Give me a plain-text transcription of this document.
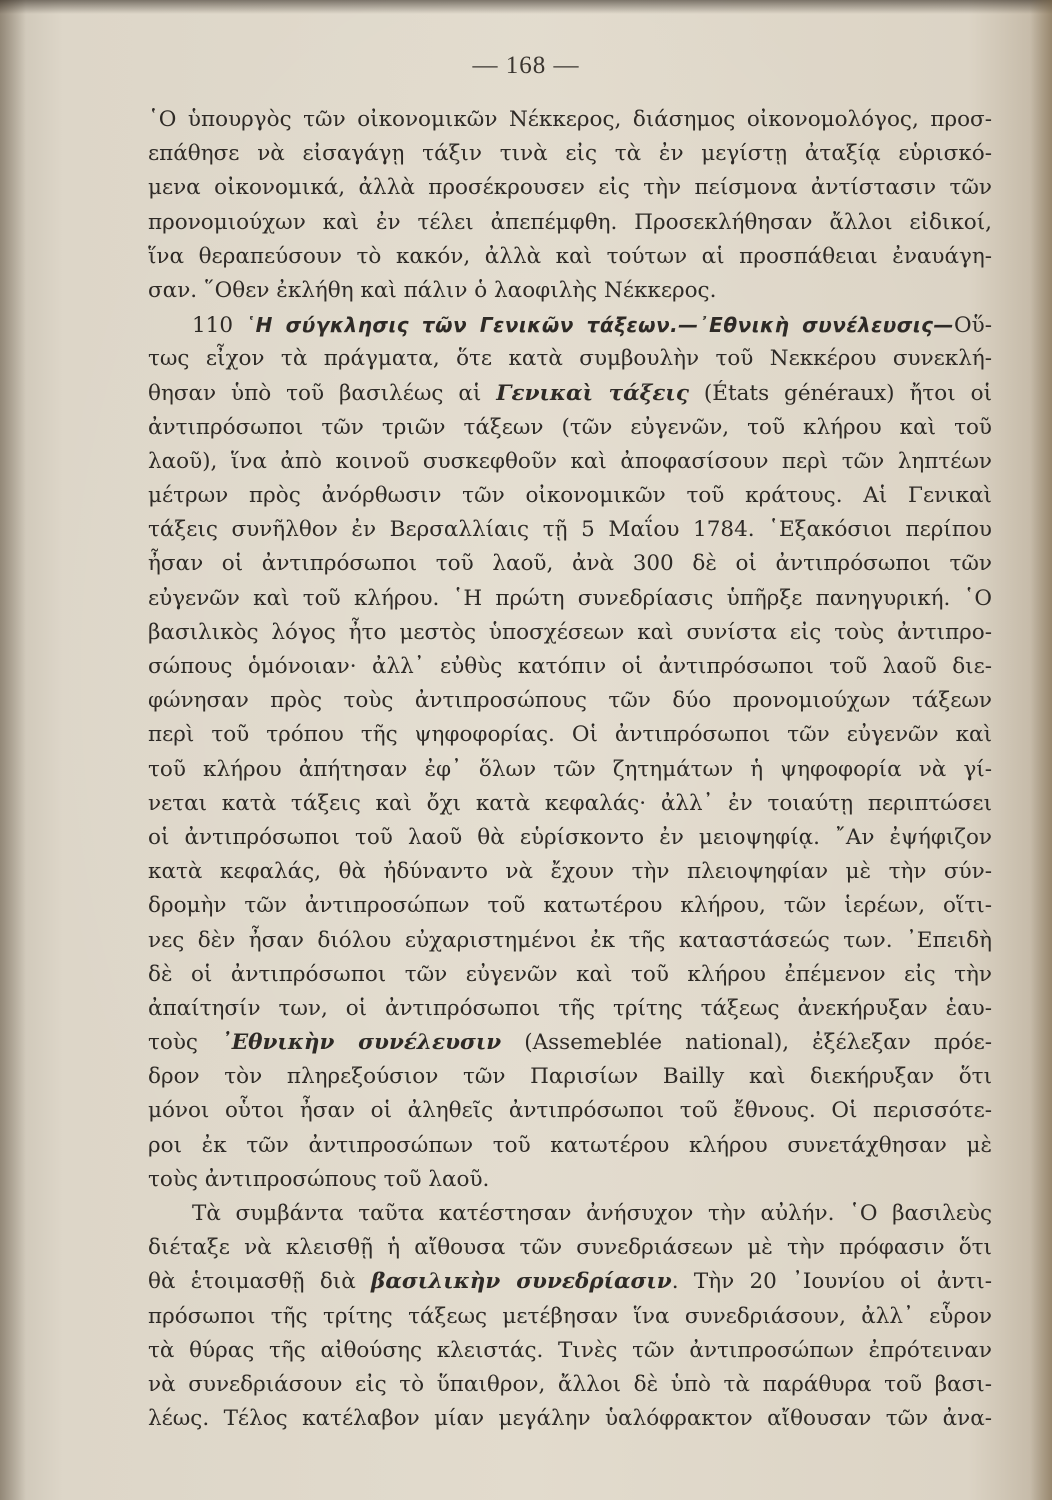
— 168 —
῾Ο ὑπουργὸς τῶν οἰκονομικῶν Νέκκερος, διάσημος οἰκονομολόγος, προσ-
επάθησε νὰ εἰσαγάγῃ τάξιν τινὰ εἰς τὰ ἐν μεγίστῃ ἀταξίᾳ εὑρισκό-
μενα οἰκονομικά, ἀλλὰ προσέκρουσεν εἰς τὴν πείσμονα ἀντίστασιν τῶν
προνομιούχων καὶ ἐν τέλει ἀπεπέμφθη. Προσεκλήθησαν ἄλλοι εἰδικοί,
ἵνα θεραπεύσουν τὸ κακόν, ἀλλὰ καὶ τούτων αἱ προσπάθειαι ἐναυάγη-
σαν. ῞Οθεν ἐκλήθη καὶ πάλιν ὁ λαοφιλὴς Νέκκερος.
110 ῾Η σύγκλησις τῶν Γενικῶν τάξεων.—᾿Εθνικὴ συνέλευσις—Οὕ-
τως εἶχον τὰ πράγματα, ὅτε κατὰ συμβουλὴν τοῦ Νεκκέρου συνεκλή-
θησαν ὑπὸ τοῦ βασιλέως αἱ Γενικαὶ τάξεις (États généraux) ἤτοι οἱ
ἀντιπρόσωποι τῶν τριῶν τάξεων (τῶν εὐγενῶν, τοῦ κλήρου καὶ τοῦ
λαοῦ), ἵνα ἀπὸ κοινοῦ συσκεφθοῦν καὶ ἀποφασίσουν περὶ τῶν ληπτέων
μέτρων πρὸς ἀνόρθωσιν τῶν οἰκονομικῶν τοῦ κράτους. Αἱ Γενικαὶ
τάξεις συνῆλθον ἐν Βερσαλλίαις τῇ 5 Μαΐου 1784. ῾Εξακόσιοι περίπου
ἦσαν οἱ ἀντιπρόσωποι τοῦ λαοῦ, ἀνὰ 300 δὲ οἱ ἀντιπρόσωποι τῶν
εὐγενῶν καὶ τοῦ κλήρου. ῾Η πρώτη συνεδρίασις ὑπῆρξε πανηγυρική. ῾Ο
βασιλικὸς λόγος ἦτο μεστὸς ὑποσχέσεων καὶ συνίστα εἰς τοὺς ἀντιπρο-
σώπους ὁμόνοιαν· ἀλλ᾿ εὐθὺς κατόπιν οἱ ἀντιπρόσωποι τοῦ λαοῦ διε-
φώνησαν πρὸς τοὺς ἀντιπροσώπους τῶν δύο προνομιούχων τάξεων
περὶ τοῦ τρόπου τῆς ψηφοφορίας. Οἱ ἀντιπρόσωποι τῶν εὐγενῶν καὶ
τοῦ κλήρου ἀπήτησαν ἐφ᾿ ὅλων τῶν ζητημάτων ἡ ψηφοφορία νὰ γί-
νεται κατὰ τάξεις καὶ ὄχι κατὰ κεφαλάς· ἀλλ᾿ ἐν τοιαύτῃ περιπτώσει
οἱ ἀντιπρόσωποι τοῦ λαοῦ θὰ εὑρίσκοντο ἐν μειοψηφίᾳ. ῎Αν ἐψήφιζον
κατὰ κεφαλάς, θὰ ἠδύναντο νὰ ἔχουν τὴν πλειοψηφίαν μὲ τὴν σύν-
δρομὴν τῶν ἀντιπροσώπων τοῦ κατωτέρου κλήρου, τῶν ἱερέων, οἵτι-
νες δὲν ἦσαν διόλου εὐχαριστημένοι ἐκ τῆς καταστάσεώς των. ᾿Επειδὴ
δὲ οἱ ἀντιπρόσωποι τῶν εὐγενῶν καὶ τοῦ κλήρου ἐπέμενον εἰς τὴν
ἀπαίτησίν των, οἱ ἀντιπρόσωποι τῆς τρίτης τάξεως ἀνεκήρυξαν ἑαυ-
τοὺς ᾿Εθνικὴν συνέλευσιν (Assemeblée national), ἐξέλεξαν πρόε-
δρον τὸν πληρεξούσιον τῶν Παρισίων Bailly καὶ διεκήρυξαν ὅτι
μόνοι οὗτοι ἦσαν οἱ ἀληθεῖς ἀντιπρόσωποι τοῦ ἔθνους. Οἱ περισσότε-
ροι ἐκ τῶν ἀντιπροσώπων τοῦ κατωτέρου κλήρου συνετάχθησαν μὲ
τοὺς ἀντιπροσώπους τοῦ λαοῦ.
Τὰ συμβάντα ταῦτα κατέστησαν ἀνήσυχον τὴν αὐλήν. ῾Ο βασιλεὺς
διέταξε νὰ κλεισθῇ ἡ αἴθουσα τῶν συνεδριάσεων μὲ τὴν πρόφασιν ὅτι
θὰ ἑτοιμασθῇ διὰ βασιλικὴν συνεδρίασιν. Τὴν 20 ᾿Ιουνίου οἱ ἀντι-
πρόσωποι τῆς τρίτης τάξεως μετέβησαν ἵνα συνεδριάσουν, ἀλλ᾿ εὗρον
τὰ θύρας τῆς αἰθούσης κλειστάς. Τινὲς τῶν ἀντιπροσώπων ἐπρότειναν
νὰ συνεδριάσουν εἰς τὸ ὕπαιθρον, ἄλλοι δὲ ὑπὸ τὰ παράθυρα τοῦ βασι-
λέως. Τέλος κατέλαβον μίαν μεγάλην ὑαλόφρακτον αἴθουσαν τῶν ἀνα-
